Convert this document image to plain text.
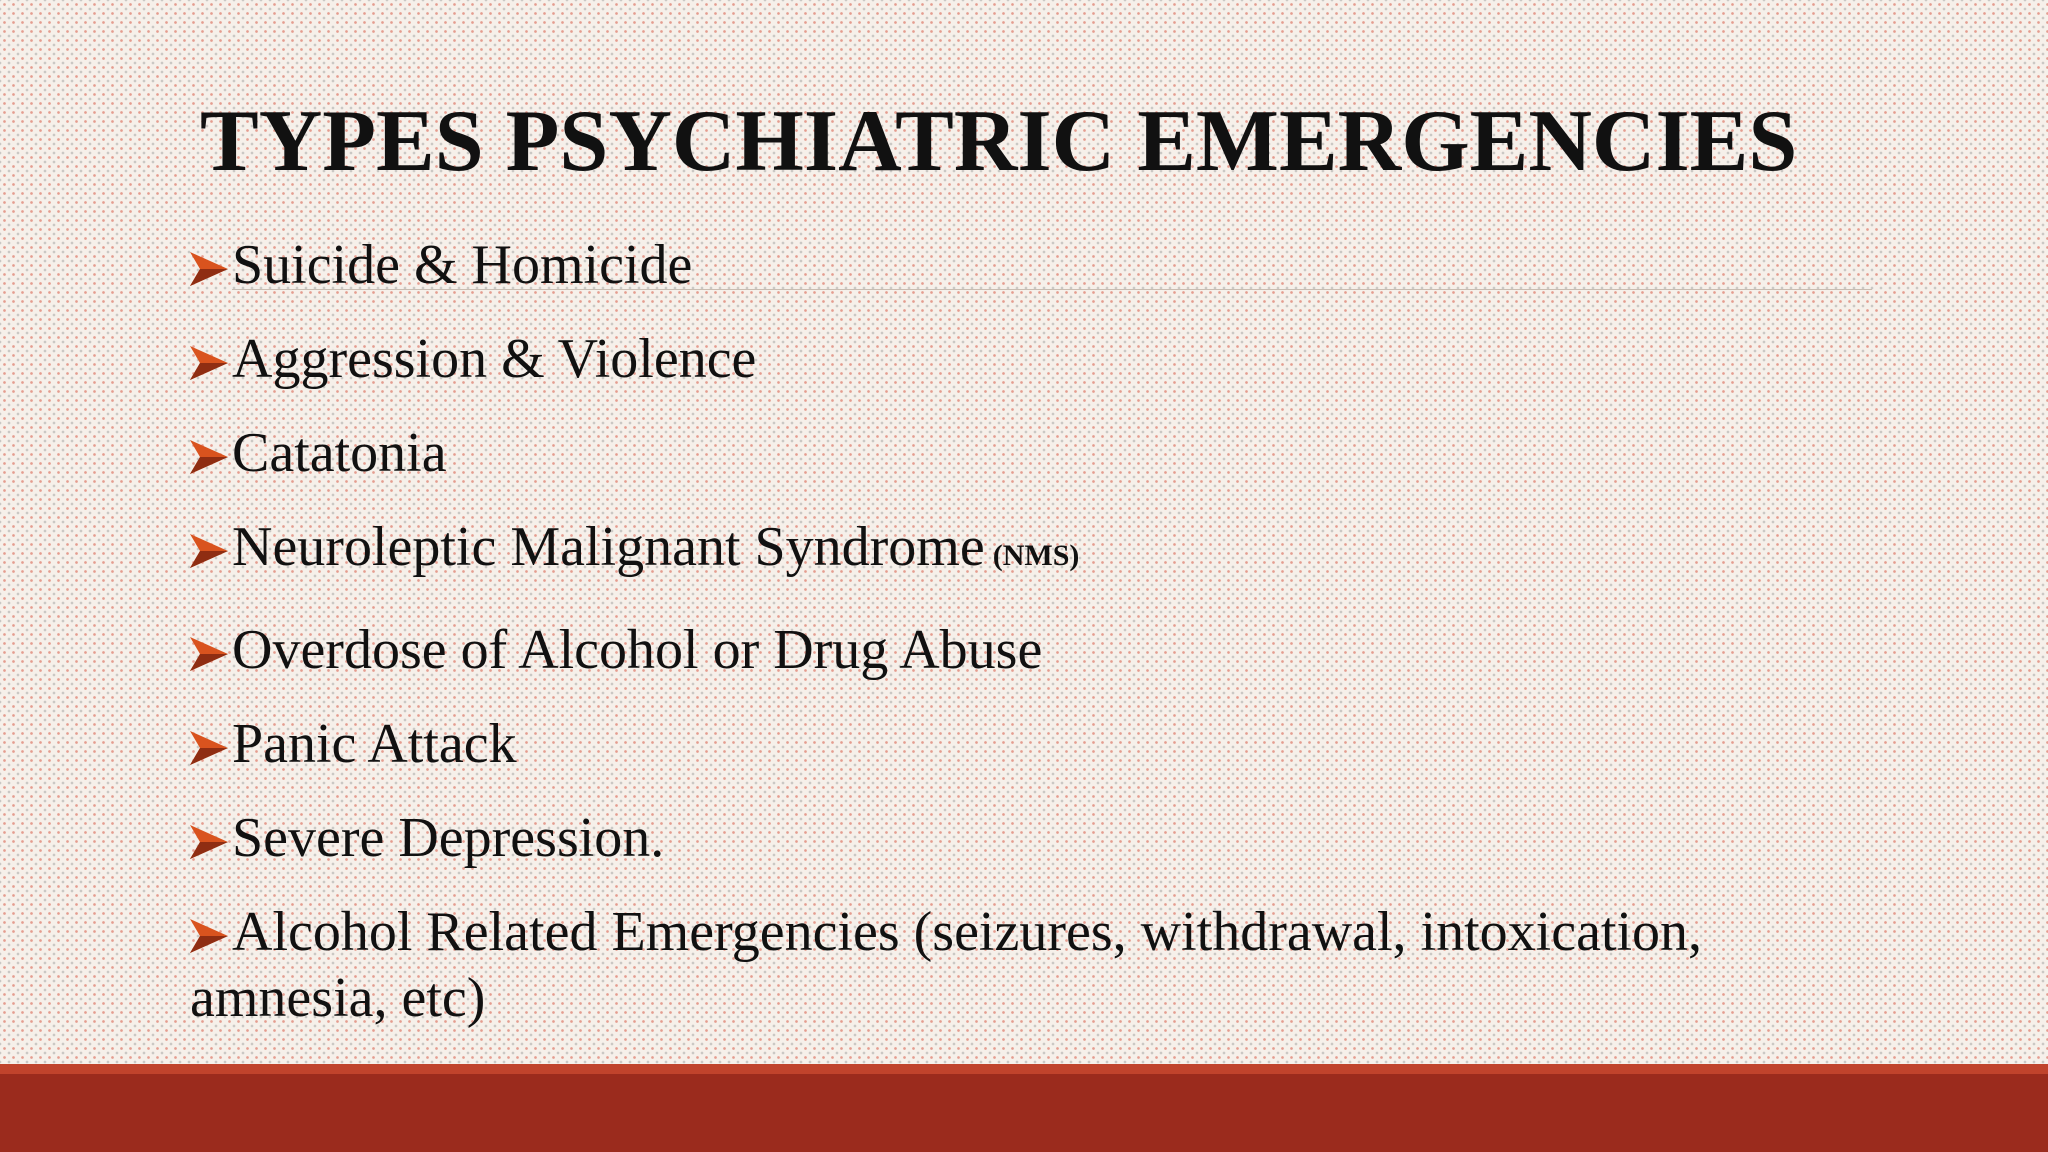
TYPES PSYCHIATRIC EMERGENCIES
Suicide & Homicide
Aggression & Violence
Catatonia
Neuroleptic Malignant Syndrome (NMS)
Overdose of Alcohol or Drug Abuse
Panic Attack
Severe Depression.
Alcohol Related Emergencies (seizures, withdrawal, intoxication, amnesia, etc)
